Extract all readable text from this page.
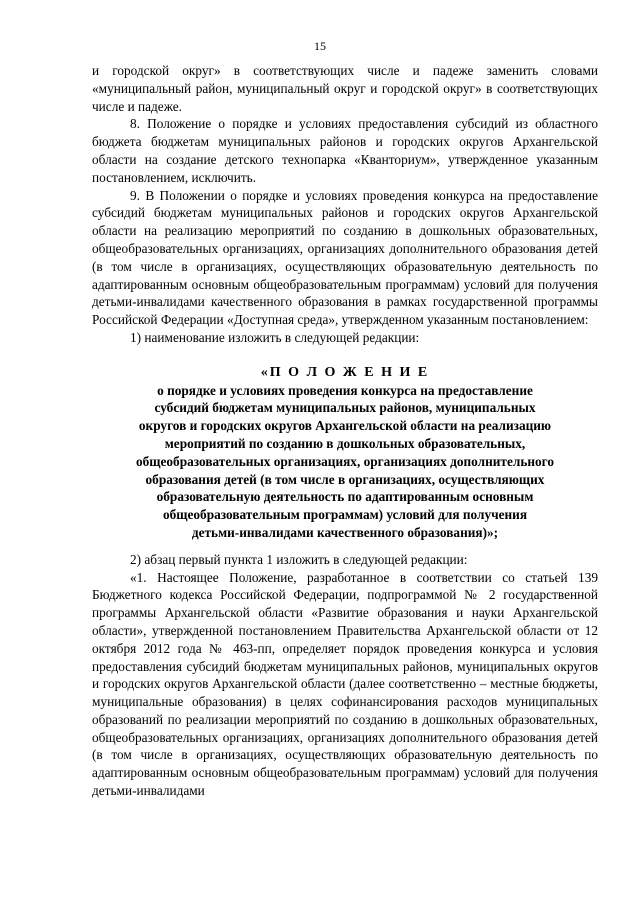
15

и городской округ» в соответствующих числе и падеже заменить словами «муниципальный район, муниципальный округ и городской округ» в соответствующих числе и падеже.

8. Положение о порядке и условиях предоставления субсидий из областного бюджета бюджетам муниципальных районов и городских округов Архангельской области на создание детского технопарка «Кванториум», утвержденное указанным постановлением, исключить.

9. В Положении о порядке и условиях проведения конкурса на предоставление субсидий бюджетам муниципальных районов и городских округов Архангельской области на реализацию мероприятий по созданию в дошкольных образовательных, общеобразовательных организациях, организациях дополнительного образования детей (в том числе в организациях, осуществляющих образовательную деятельность по адаптированным основным общеобразовательным программам) условий для получения детьми-инвалидами качественного образования в рамках государственной программы Российской Федерации «Доступная среда», утвержденном указанным постановлением:

1) наименование изложить в следующей редакции:

«П О Л О Ж Е Н И Е
о порядке и условиях проведения конкурса на предоставление
субсидий бюджетам муниципальных районов, муниципальных
округов и городских округов Архангельской области на реализацию
мероприятий по созданию в дошкольных образовательных,
общеобразовательных организациях, организациях дополнительного
образования детей (в том числе в организациях, осуществляющих
образовательную деятельность по адаптированным основным
общеобразовательным программам) условий для получения
детьми-инвалидами качественного образования)»;

2) абзац первый пункта 1 изложить в следующей редакции:

«1. Настоящее Положение, разработанное в соответствии со статьей 139 Бюджетного кодекса Российской Федерации, подпрограммой № 2 государственной программы Архангельской области «Развитие образования и науки Архангельской области», утвержденной постановлением Правительства Архангельской области от 12 октября 2012 года № 463-пп, определяет порядок проведения конкурса и условия предоставления субсидий бюджетам муниципальных районов, муниципальных округов и городских округов Архангельской области (далее соответственно – местные бюджеты, муниципальные образования) в целях софинансирования расходов муниципальных образований по реализации мероприятий по созданию в дошкольных образовательных, общеобразовательных организациях, организациях дополнительного образования детей (в том числе в организациях, осуществляющих образовательную деятельность по адаптированным основным общеобразовательным программам) условий для получения детьми-инвалидами
